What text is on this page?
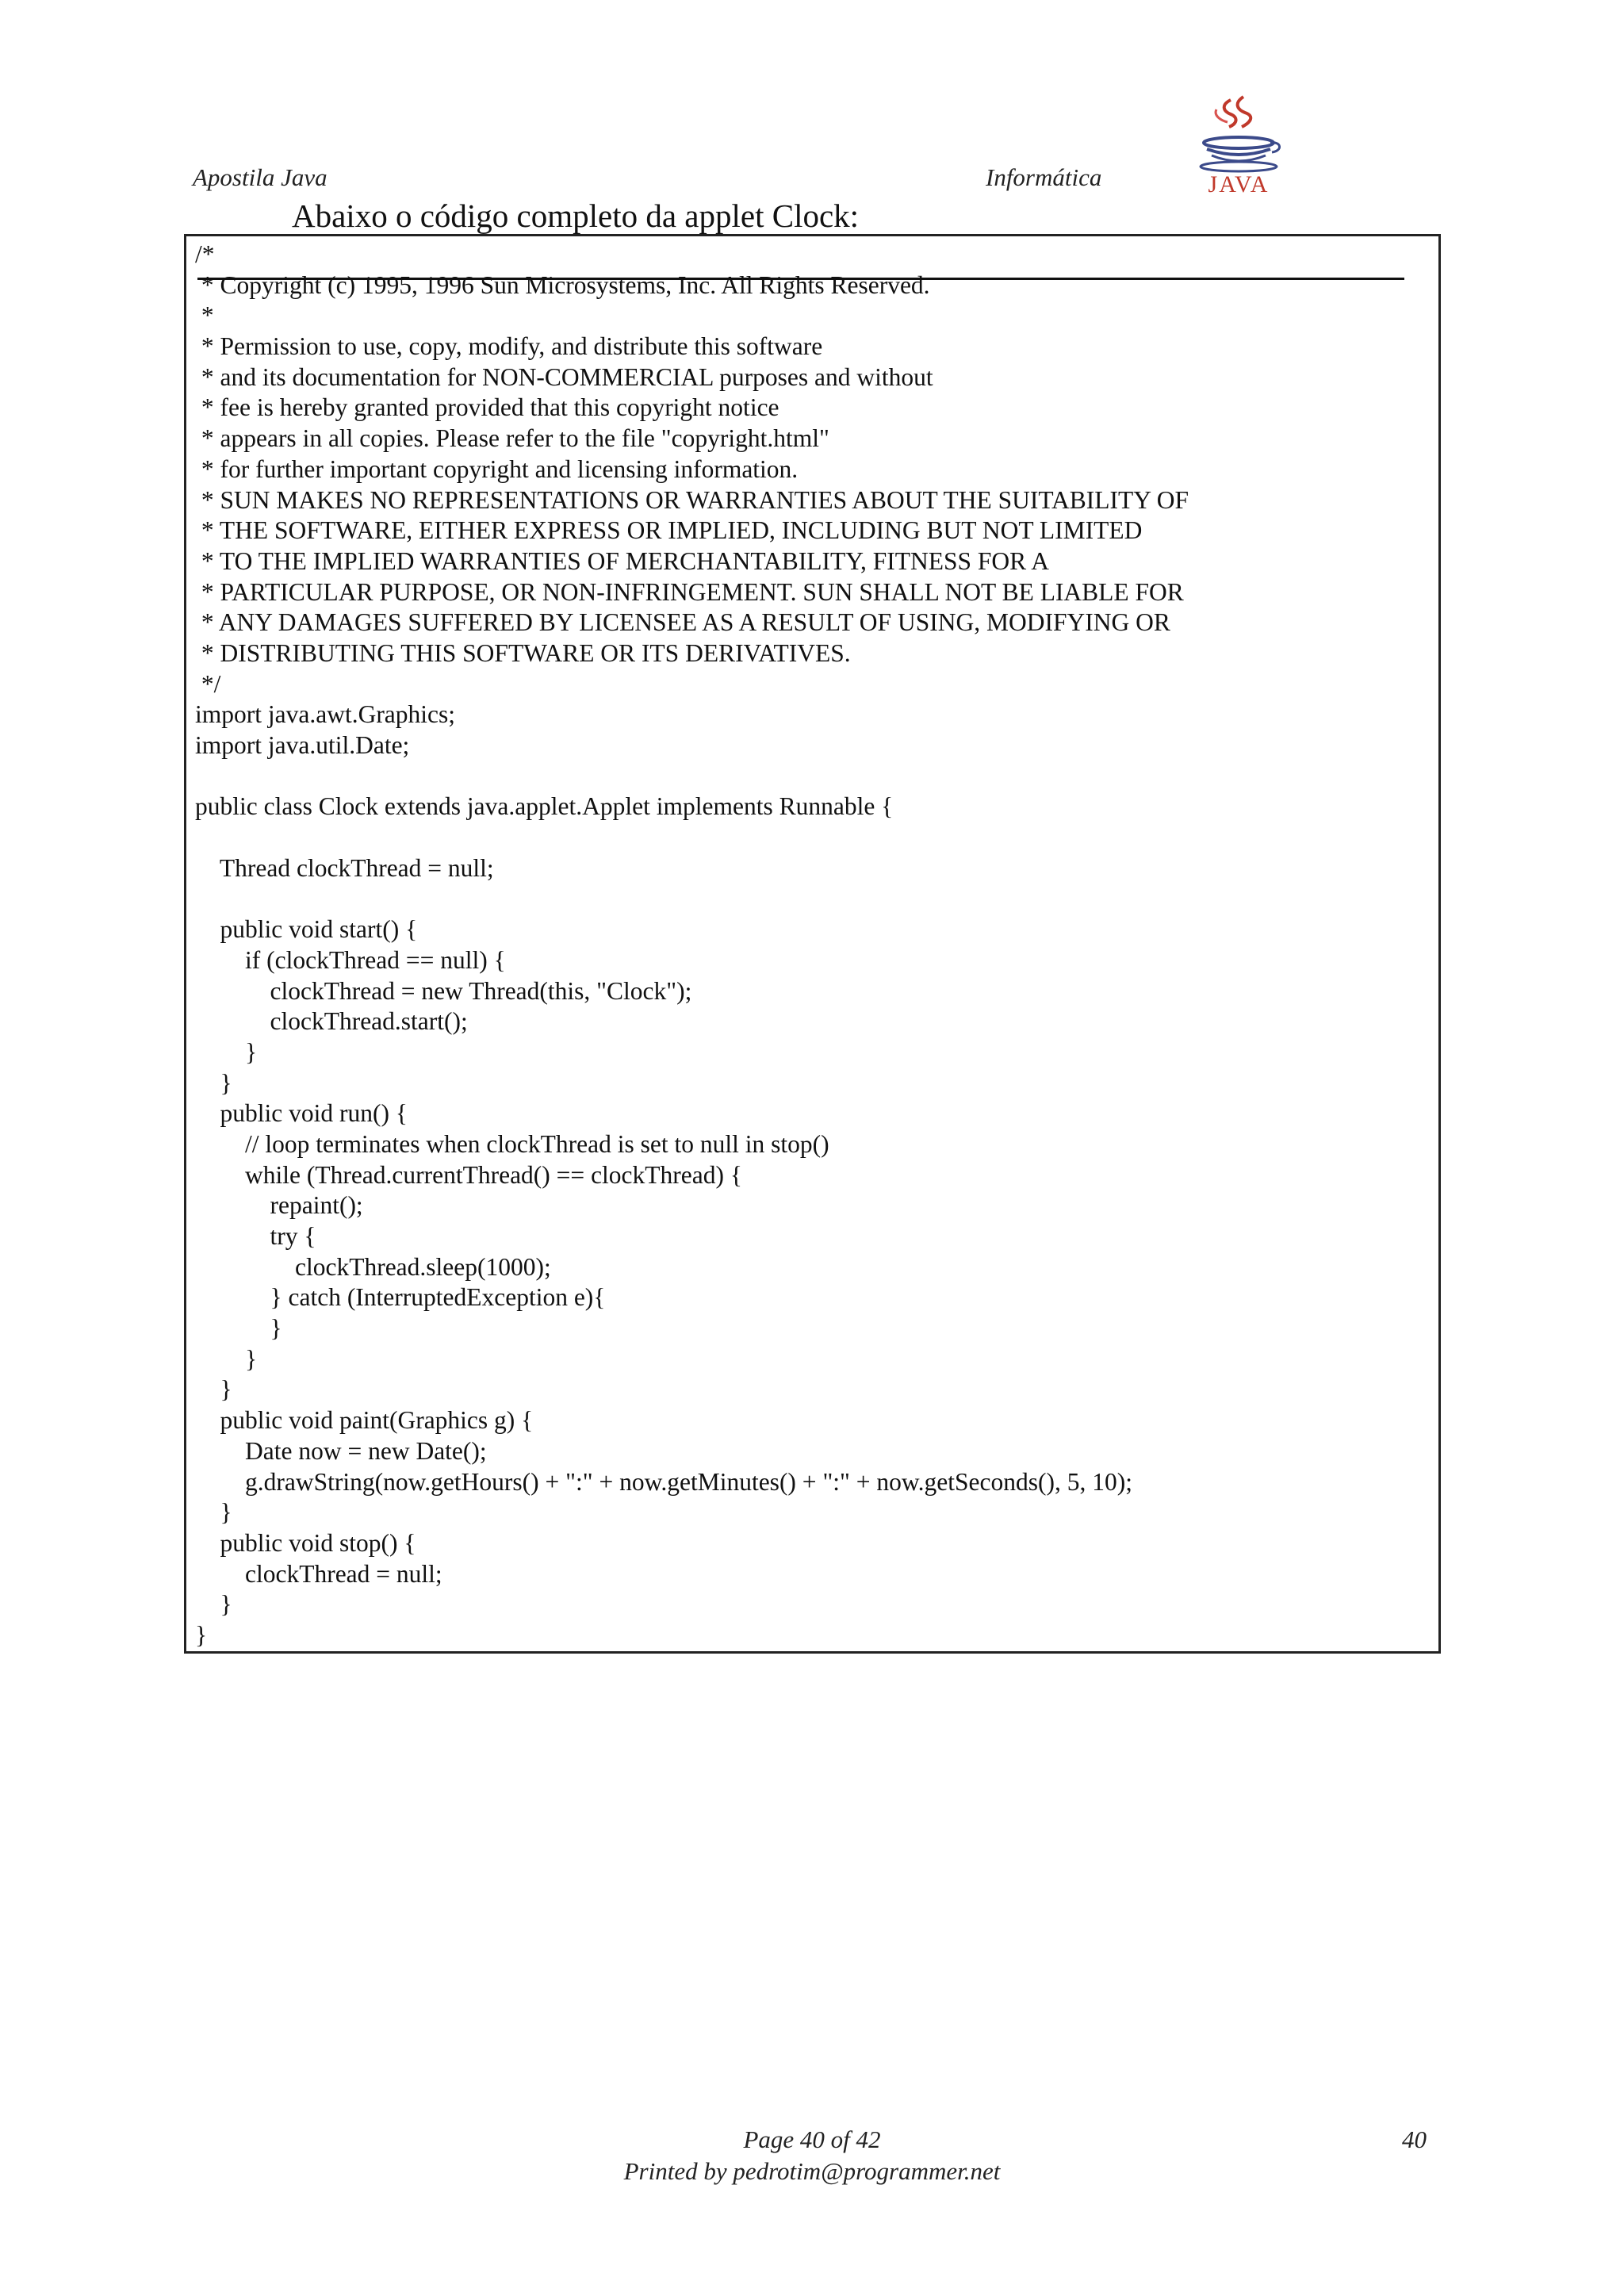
Apostila Java	Informática	JAVA
Abaixo o código completo da applet Clock:
/*
* Copyright (c) 1995, 1996 Sun Microsystems, Inc. All Rights Reserved.
*
* Permission to use, copy, modify, and distribute this software
* and its documentation for NON-COMMERCIAL purposes and without
* fee is hereby granted provided that this copyright notice
* appears in all copies. Please refer to the file "copyright.html"
* for further important copyright and licensing information.
* SUN MAKES NO REPRESENTATIONS OR WARRANTIES ABOUT THE SUITABILITY OF
* THE SOFTWARE, EITHER EXPRESS OR IMPLIED, INCLUDING BUT NOT LIMITED
* TO THE IMPLIED WARRANTIES OF MERCHANTABILITY, FITNESS FOR A
* PARTICULAR PURPOSE, OR NON-INFRINGEMENT. SUN SHALL NOT BE LIABLE FOR
* ANY DAMAGES SUFFERED BY LICENSEE AS A RESULT OF USING, MODIFYING OR
* DISTRIBUTING THIS SOFTWARE OR ITS DERIVATIVES.
*/
import java.awt.Graphics;
import java.util.Date;

public class Clock extends java.applet.Applet implements Runnable {

Thread clockThread = null;

public void start() {
if (clockThread == null) {
clockThread = new Thread(this, "Clock");
clockThread.start();
}
}
public void run() {
// loop terminates when clockThread is set to null in stop()
while (Thread.currentThread() == clockThread) {
repaint();
try {
clockThread.sleep(1000);
} catch (InterruptedException e){
}
}
}
public void paint(Graphics g) {
Date now = new Date();
g.drawString(now.getHours() + ":" + now.getMinutes() + ":" + now.getSeconds(), 5, 10);
}
public void stop() {
clockThread = null;
}
}
Page 40 of 42
Printed by pedrotim@programmer.net
40
